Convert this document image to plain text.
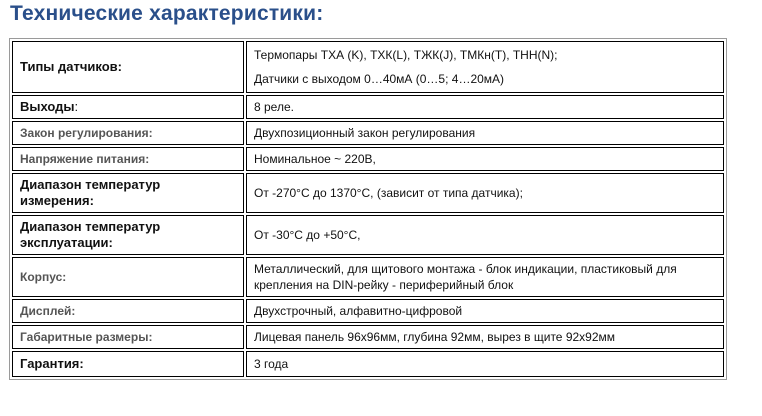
Технические характеристики:
Типы датчиков:	Термопары ТХА (K), ТХК(L), ТЖК(J), ТМКн(T), ТНН(N);
Датчики с выходом 0…40мА (0…5; 4…20мА)

Выходы:	8 реле.

Закон регулирования:	Двухпозиционный закон регулирования

Напряжение питания:	Номинальное ~ 220В,

Диапазон температур измерения:	От -270°С до 1370°С, (зависит от типа датчика);

Диапазон температур эксплуатации:	От -30°С до +50°С,

Корпус:	Металлический, для щитового монтажа - блок индикации, пластиковый для крепления на DIN-рейку - периферийный блок

Дисплей:	Двухстрочный, алфавитно-цифровой

Габаритные размеры:	Лицевая панель 96х96мм, глубина 92мм, вырез в щите 92х92мм

Гарантия:	3 года
